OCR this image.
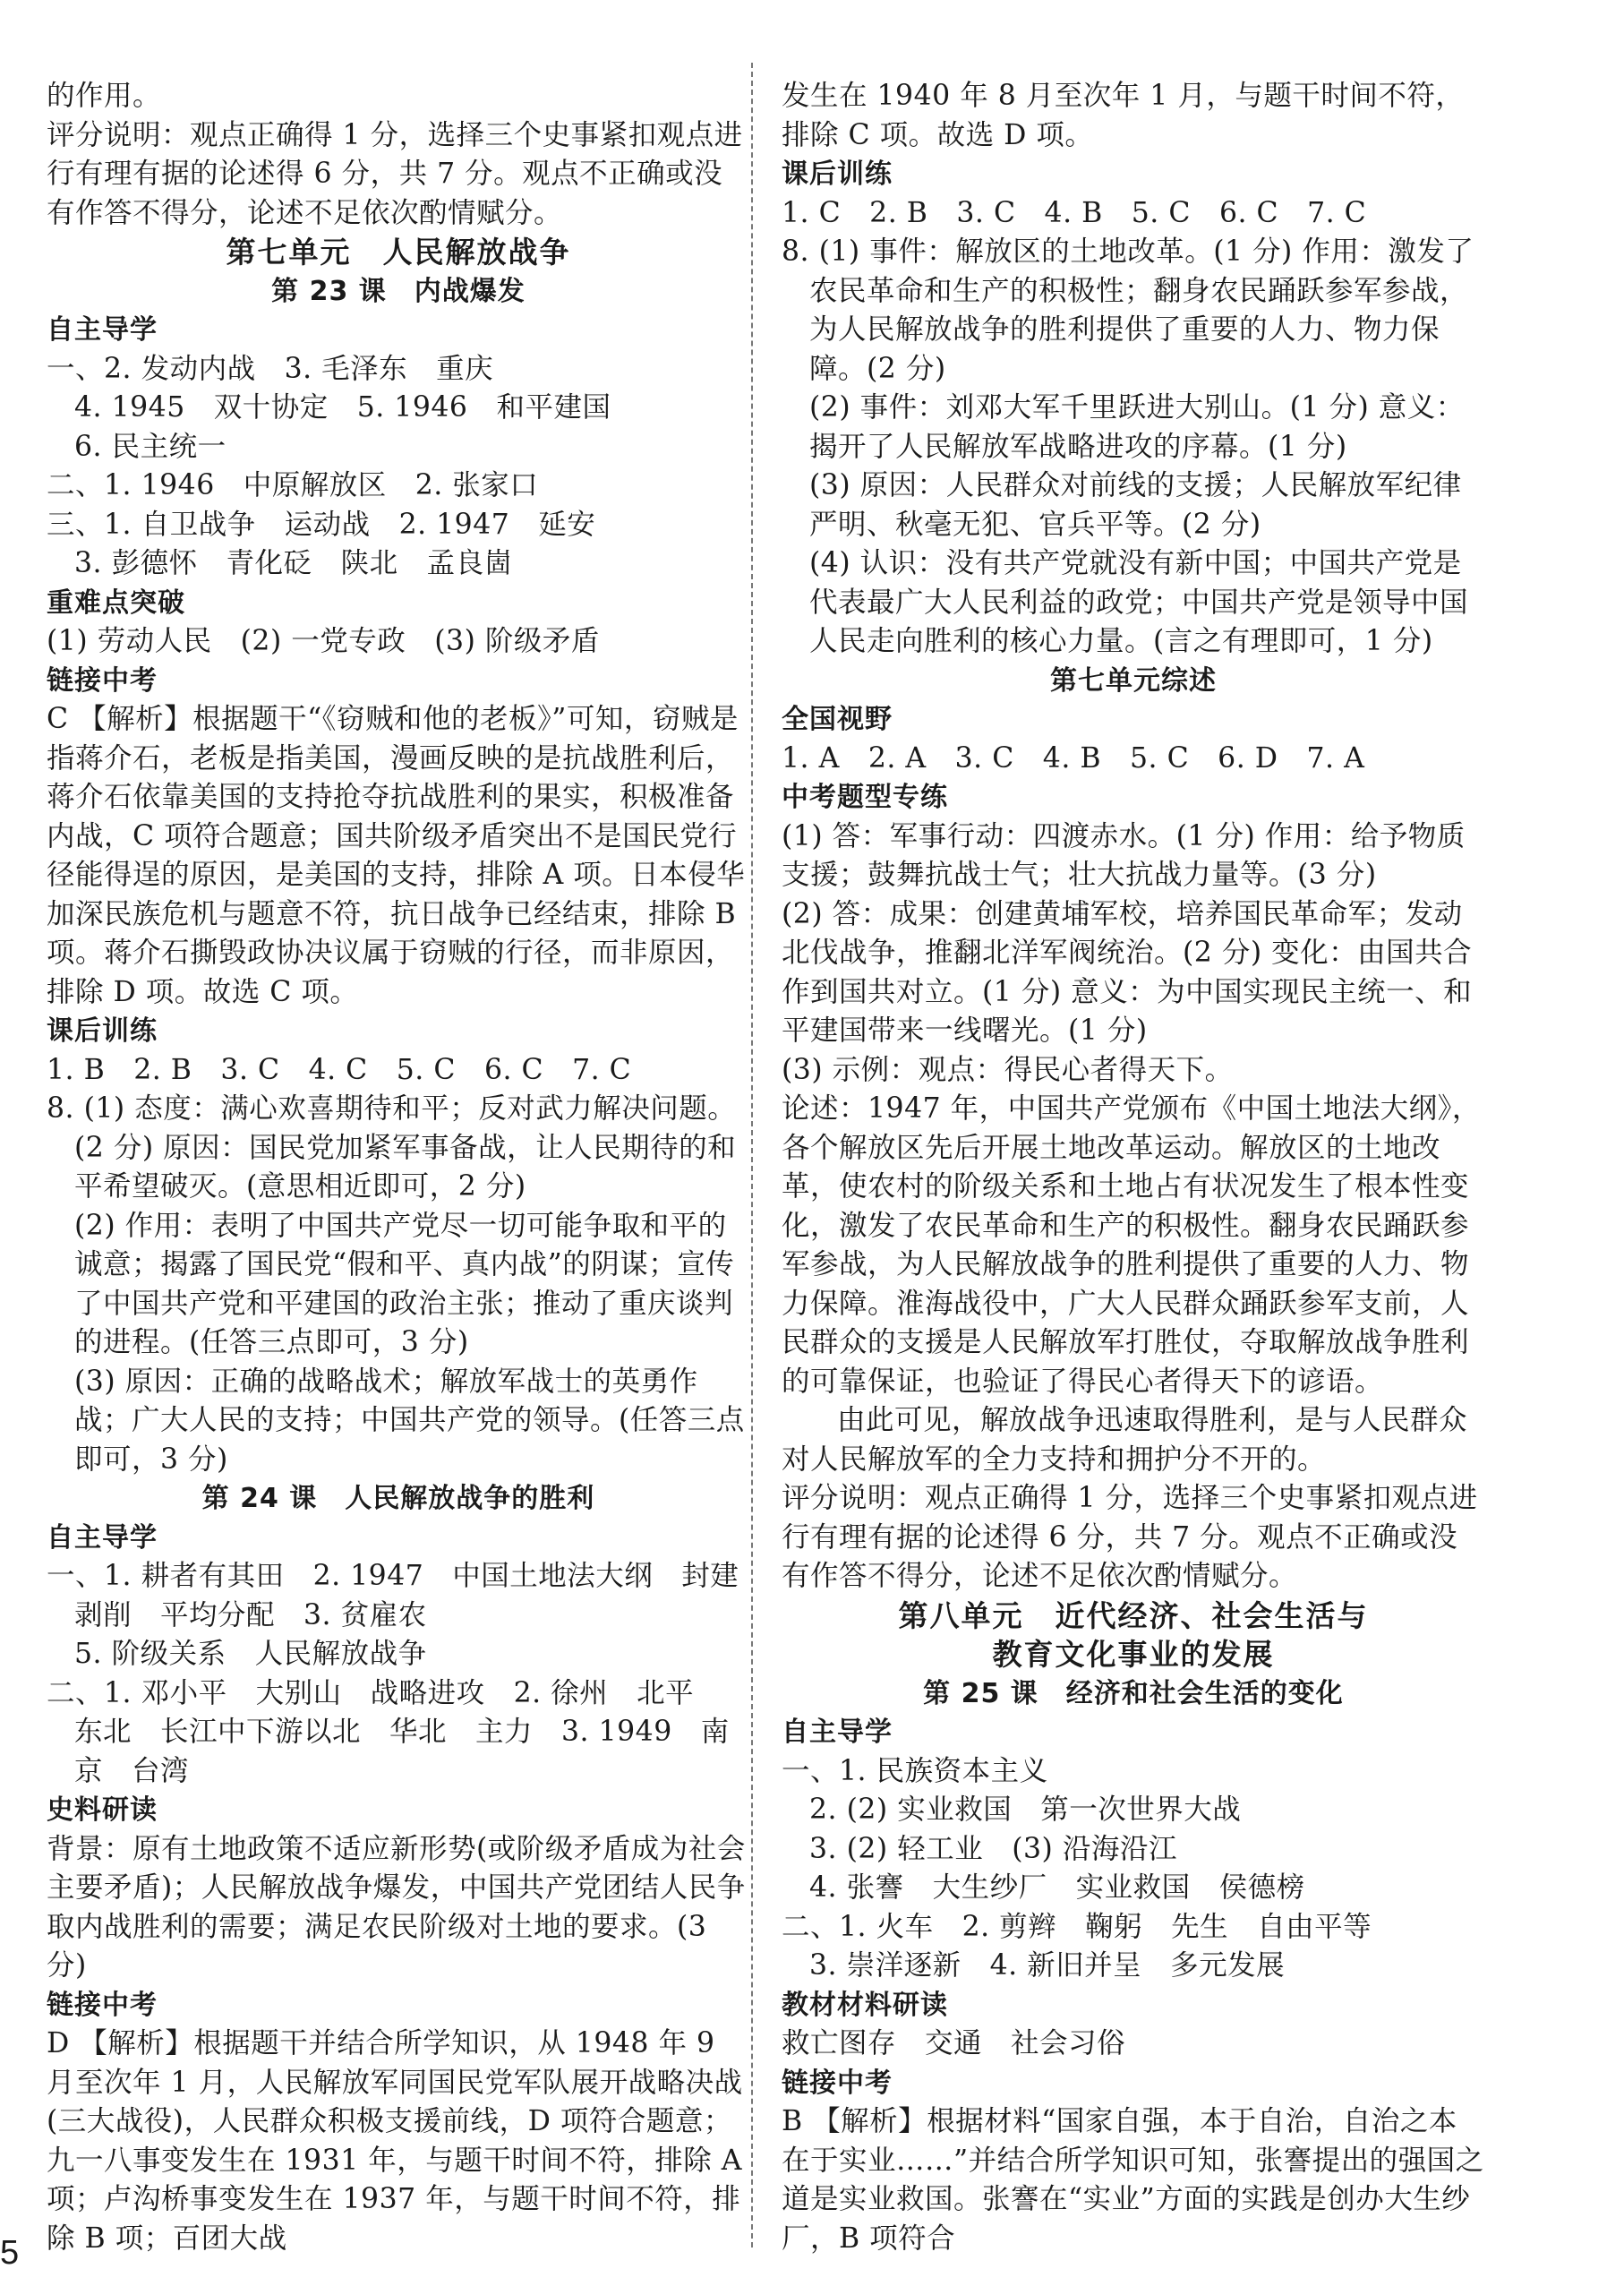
的作用。

评分说明：观点正确得 1 分，选择三个史事紧扣观点进行有理有据的论述得 6 分，共 7 分。观点不正确或没有作答不得分，论述不足依次酌情赋分。

第七单元　人民解放战争

第 23 课　内战爆发

自主导学

一、2. 发动内战　3. 毛泽东　重庆

4. 1945　双十协定　5. 1946　和平建国

6. 民主统一

二、1. 1946　中原解放区　2. 张家口

三、1. 自卫战争　运动战　2. 1947　延安

3. 彭德怀　青化砭　陕北　孟良崮

重难点突破

(1) 劳动人民　(2) 一党专政　(3) 阶级矛盾

链接中考

C 【解析】根据题干“《窃贼和他的老板》”可知，窃贼是指蒋介石，老板是指美国，漫画反映的是抗战胜利后，蒋介石依靠美国的支持抢夺抗战胜利的果实，积极准备内战，C 项符合题意；国共阶级矛盾突出不是国民党行径能得逞的原因，是美国的支持，排除 A 项。日本侵华加深民族危机与题意不符，抗日战争已经结束，排除 B 项。蒋介石撕毁政协决议属于窃贼的行径，而非原因，排除 D 项。故选 C 项。

课后训练

1. B　2. B　3. C　4. C　5. C　6. C　7. C

8. (1) 态度：满心欢喜期待和平；反对武力解决问题。(2 分) 原因：国民党加紧军事备战，让人民期待的和平希望破灭。(意思相近即可，2 分)

(2) 作用：表明了中国共产党尽一切可能争取和平的诚意；揭露了国民党“假和平、真内战”的阴谋；宣传了中国共产党和平建国的政治主张；推动了重庆谈判的进程。(任答三点即可，3 分)

(3) 原因：正确的战略战术；解放军战士的英勇作战；广大人民的支持；中国共产党的领导。(任答三点即可，3 分)

第 24 课　人民解放战争的胜利

自主导学

一、1. 耕者有其田　2. 1947　中国土地法大纲　封建剥削　平均分配　3. 贫雇农

5. 阶级关系　人民解放战争

二、1. 邓小平　大别山　战略进攻　2. 徐州　北平　东北　长江中下游以北　华北　主力　3. 1949　南京　台湾

史料研读

背景：原有土地政策不适应新形势(或阶级矛盾成为社会主要矛盾)；人民解放战争爆发，中国共产党团结人民争取内战胜利的需要；满足农民阶级对土地的要求。(3 分)

链接中考

D 【解析】根据题干并结合所学知识，从 1948 年 9 月至次年 1 月，人民解放军同国民党军队展开战略决战(三大战役)，人民群众积极支援前线，D 项符合题意；九一八事变发生在 1931 年，与题干时间不符，排除 A 项；卢沟桥事变发生在 1937 年，与题干时间不符，排除 B 项；百团大战

发生在 1940 年 8 月至次年 1 月，与题干时间不符，排除 C 项。故选 D 项。

课后训练

1. C　2. B　3. C　4. B　5. C　6. C　7. C

8. (1) 事件：解放区的土地改革。(1 分) 作用：激发了农民革命和生产的积极性；翻身农民踊跃参军参战，为人民解放战争的胜利提供了重要的人力、物力保障。(2 分)

(2) 事件：刘邓大军千里跃进大别山。(1 分) 意义：揭开了人民解放军战略进攻的序幕。(1 分)

(3) 原因：人民群众对前线的支援；人民解放军纪律严明、秋毫无犯、官兵平等。(2 分)

(4) 认识：没有共产党就没有新中国；中国共产党是代表最广大人民利益的政党；中国共产党是领导中国人民走向胜利的核心力量。(言之有理即可，1 分)

第七单元综述

全国视野

1. A　2. A　3. C　4. B　5. C　6. D　7. A

中考题型专练

(1) 答：军事行动：四渡赤水。(1 分) 作用：给予物质支援；鼓舞抗战士气；壮大抗战力量等。(3 分)

(2) 答：成果：创建黄埔军校，培养国民革命军；发动北伐战争，推翻北洋军阀统治。(2 分) 变化：由国共合作到国共对立。(1 分) 意义：为中国实现民主统一、和平建国带来一线曙光。(1 分)

(3) 示例：观点：得民心者得天下。

论述：1947 年，中国共产党颁布《中国土地法大纲》，各个解放区先后开展土地改革运动。解放区的土地改革，使农村的阶级关系和土地占有状况发生了根本性变化，激发了农民革命和生产的积极性。翻身农民踊跃参军参战，为人民解放战争的胜利提供了重要的人力、物力保障。淮海战役中，广大人民群众踊跃参军支前，人民群众的支援是人民解放军打胜仗，夺取解放战争胜利的可靠保证，也验证了得民心者得天下的谚语。

由此可见，解放战争迅速取得胜利，是与人民群众对人民解放军的全力支持和拥护分不开的。

评分说明：观点正确得 1 分，选择三个史事紧扣观点进行有理有据的论述得 6 分，共 7 分。观点不正确或没有作答不得分，论述不足依次酌情赋分。

第八单元　近代经济、社会生活与

教育文化事业的发展

第 25 课　经济和社会生活的变化

自主导学

一、1. 民族资本主义

2. (2) 实业救国　第一次世界大战

3. (2) 轻工业　(3) 沿海沿江

4. 张謇　大生纱厂　实业救国　侯德榜

二、1. 火车　2. 剪辫　鞠躬　先生　自由平等

3. 崇洋逐新　4. 新旧并呈　多元发展

教材材料研读

救亡图存　交通　社会习俗

链接中考

B 【解析】根据材料“国家自强，本于自治，自治之本在于实业……”并结合所学知识可知，张謇提出的强国之道是实业救国。张謇在“实业”方面的实践是创办大生纱厂，B 项符合

5
